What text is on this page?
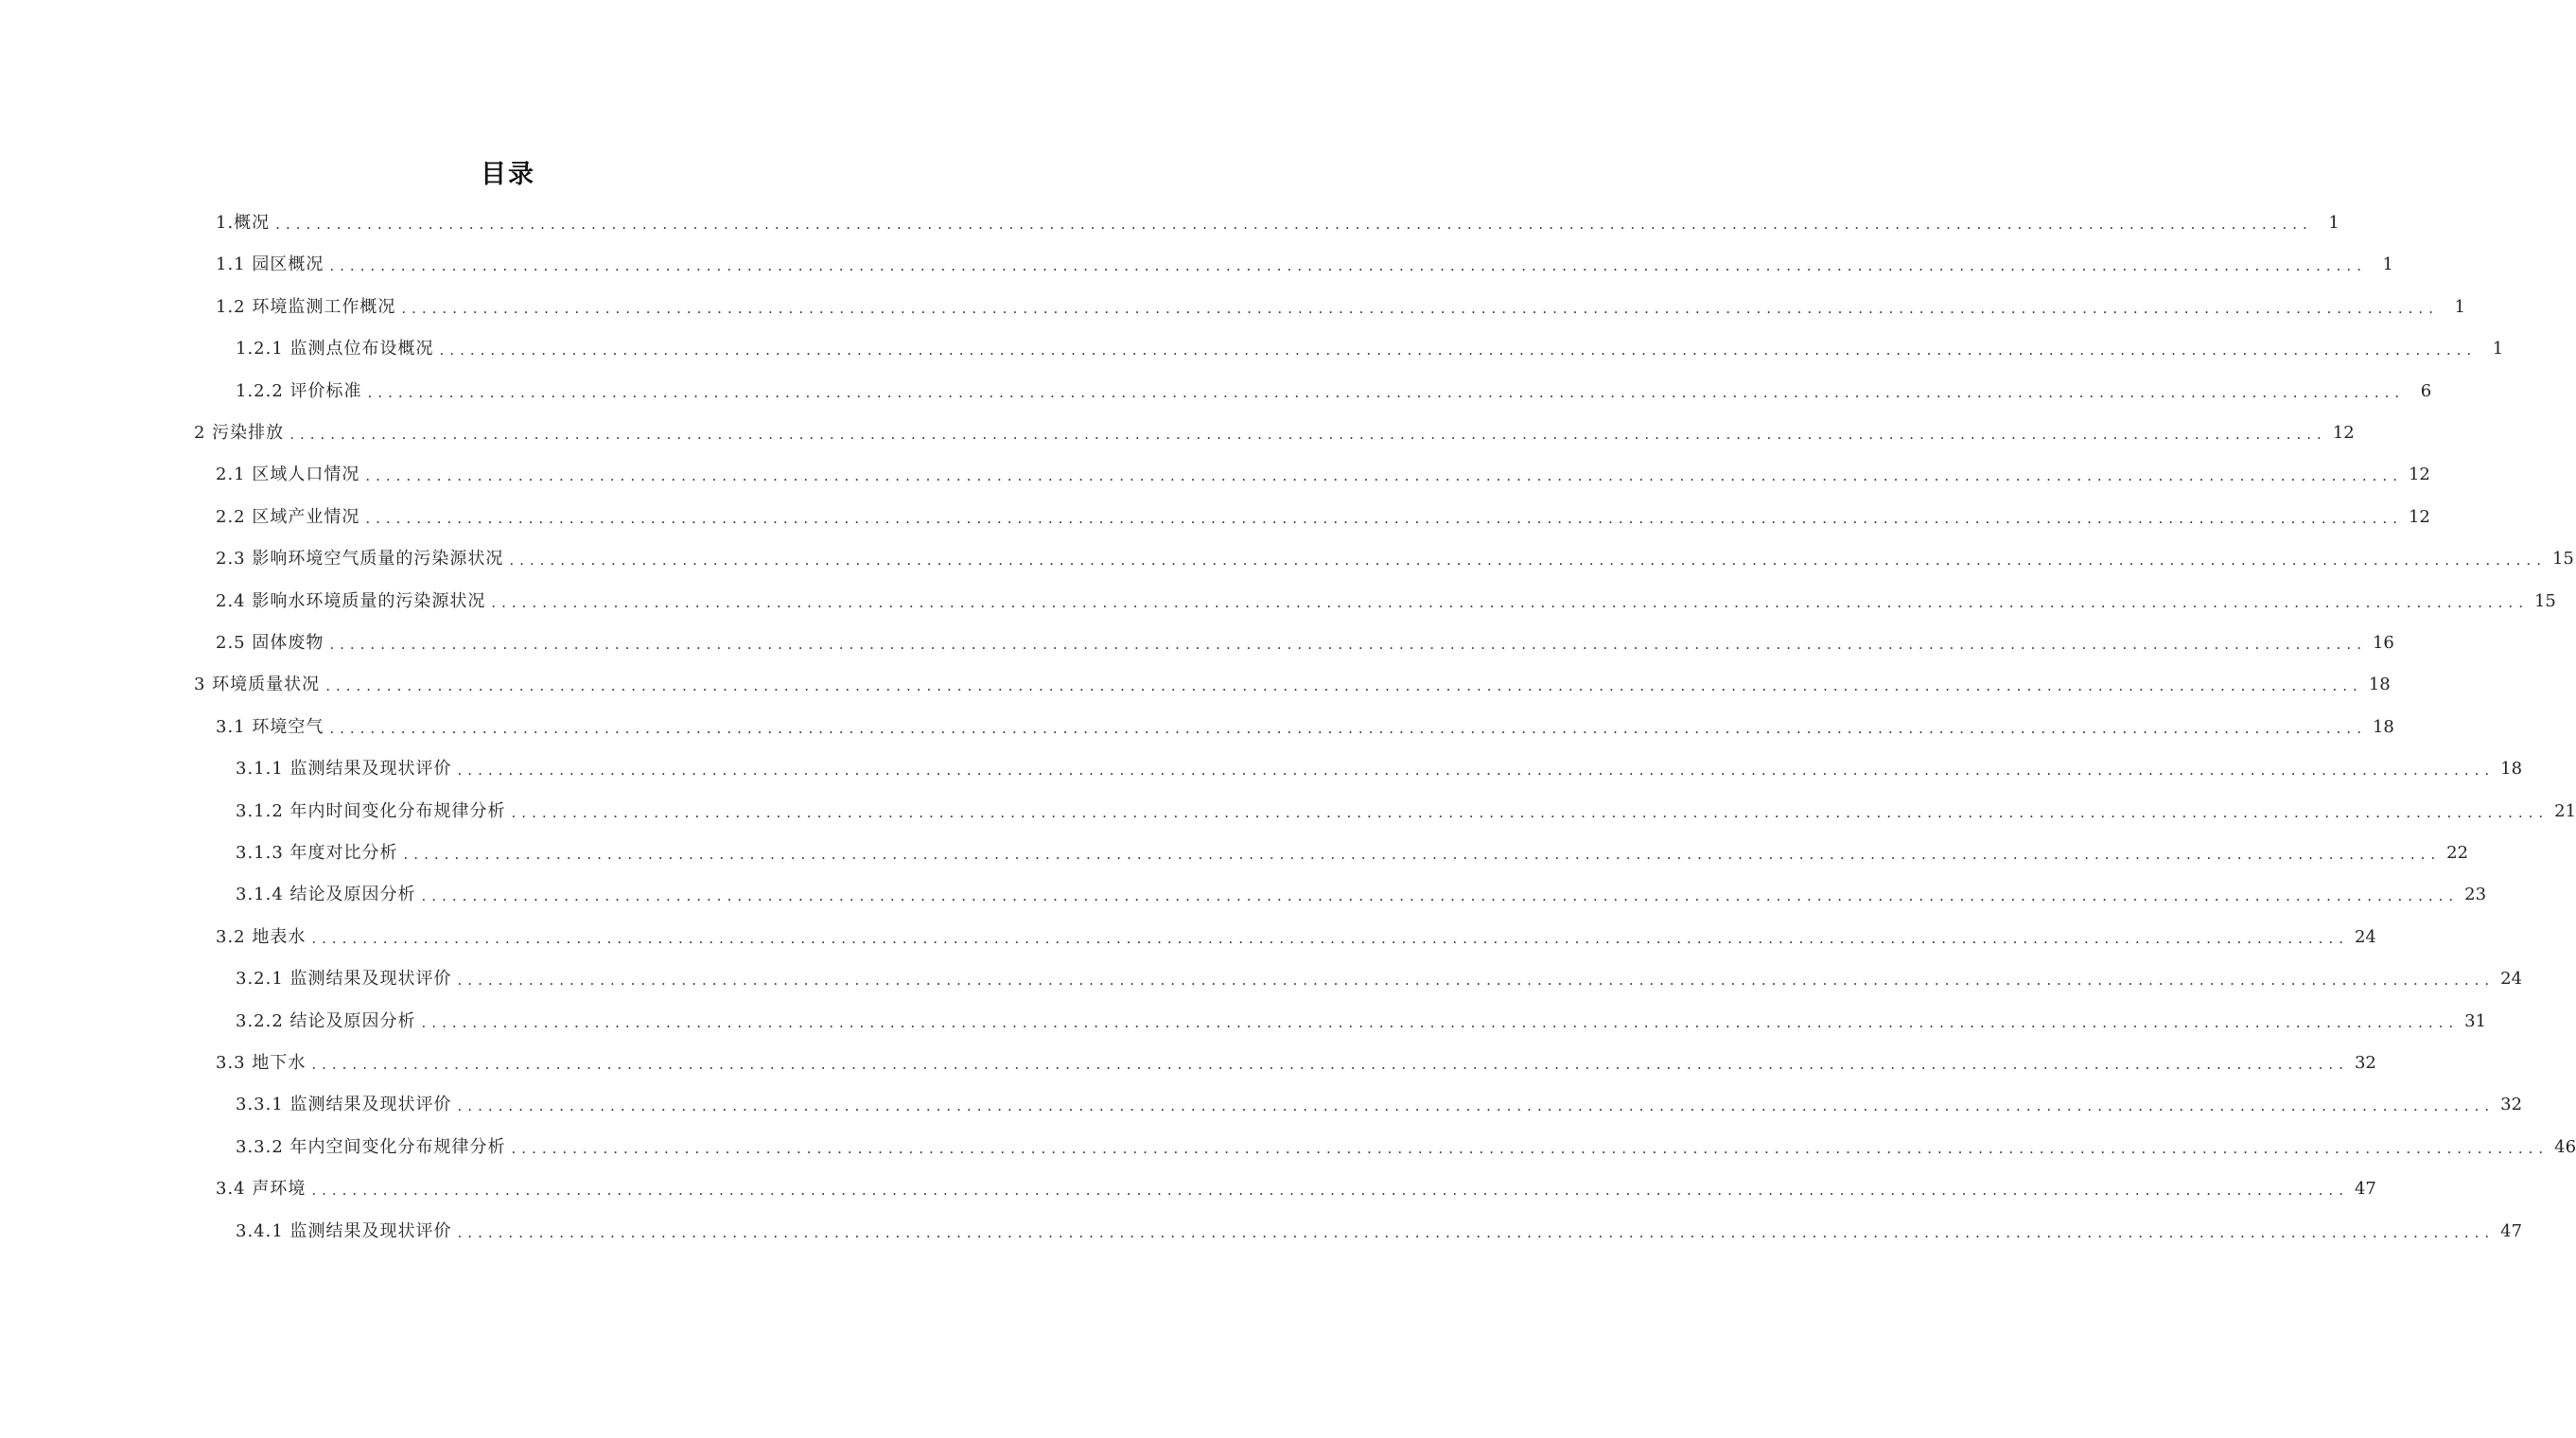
目录
1.概况 ........................................................................................................................................................................................................ 1
1.1 园区概况 ........................................................................................................................................................................................................ 1
1.2 环境监测工作概况 ........................................................................................................................................................................................................ 1
1.2.1 监测点位布设概况 ........................................................................................................................................................................................................ 1
1.2.2 评价标准 ........................................................................................................................................................................................................ 6
2 污染排放 ........................................................................................................................................................................................................ 12
2.1 区域人口情况 ........................................................................................................................................................................................................ 12
2.2 区域产业情况 ........................................................................................................................................................................................................ 12
2.3 影响环境空气质量的污染源状况 ........................................................................................................................................................................................................ 15
2.4 影响水环境质量的污染源状况 ........................................................................................................................................................................................................ 15
2.5 固体废物 ........................................................................................................................................................................................................ 16
3 环境质量状况 ........................................................................................................................................................................................................ 18
3.1 环境空气 ........................................................................................................................................................................................................ 18
3.1.1 监测结果及现状评价 ........................................................................................................................................................................................................ 18
3.1.2 年内时间变化分布规律分析 ........................................................................................................................................................................................................ 21
3.1.3 年度对比分析 ........................................................................................................................................................................................................ 22
3.1.4 结论及原因分析 ........................................................................................................................................................................................................ 23
3.2 地表水 ........................................................................................................................................................................................................ 24
3.2.1 监测结果及现状评价 ........................................................................................................................................................................................................ 24
3.2.2 结论及原因分析 ........................................................................................................................................................................................................ 31
3.3 地下水 ........................................................................................................................................................................................................ 32
3.3.1 监测结果及现状评价 ........................................................................................................................................................................................................ 32
3.3.2 年内空间变化分布规律分析 ........................................................................................................................................................................................................ 46
3.4 声环境 ........................................................................................................................................................................................................ 47
3.4.1 监测结果及现状评价 ........................................................................................................................................................................................................ 47
